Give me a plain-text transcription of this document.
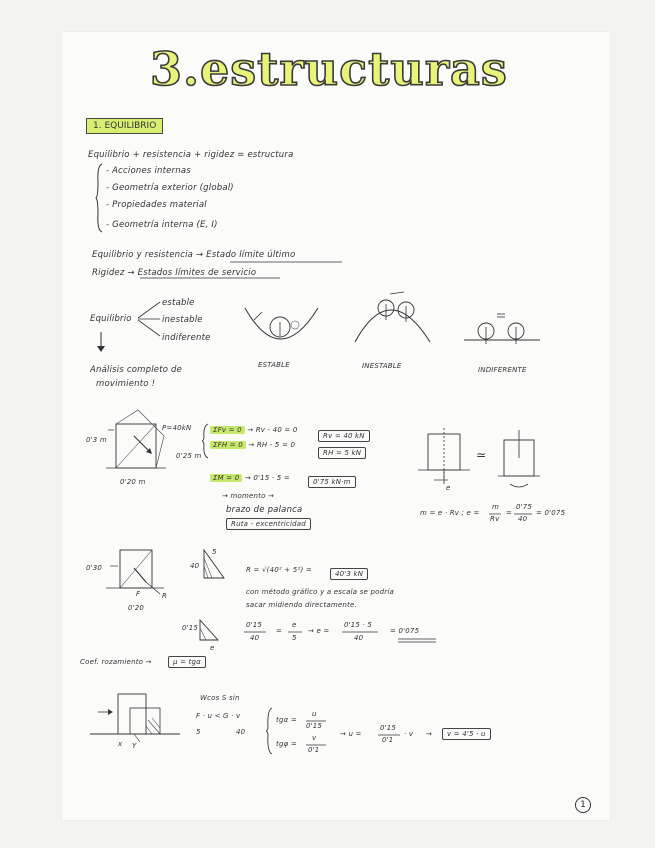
3.estructuras
1. EQUILIBRIO
Equilibrio + resistencia + rigidez = estructura
- Acciones internas
- Geometría exterior (global)
- Propiedades material
- Geometría interna (E, I)
Equilibrio y resistencia → Estado límite último
Rigidez → Estados límites de servicio
Equilibrio
estable
inestable
indiferente
ESTABLE	INESTABLE	INDIFERENTE
Análisis completo de
movimiento !
P=40kN
0'3 m
0'25 m
0'20 m
ΣFv = 0 → Rv - 40 = 0
Rv = 40 kN
ΣFH = 0 → RH - 5 = 0
RH = 5 kN
ΣM = 0 → 0'15 · 5 =	0'75 kN·m
→ momento →
brazo de palanca
Ruta - excentricidad
≃
e
m = e · Rv ; e =
m
Rv
=
0'75
40
= 0'075
0'30
0'20
F	R
40
5
R = √(40² + 5²) =	40'3 kN
con método gráfico y a escala se podría
sacar midiendo directamente.
0'15
e
0'15
40
=
e
5
→ e =
0'15 · 5
40
= 0'075
Coef. rozamiento →	μ = tgα
x Y
Wcos S sin
F · u < G · v
5	40
tgα =
u
0'15
tgφ =
v
0'1
→ u =
0'15
0'1
· v →	v = 4'5 · u
1
